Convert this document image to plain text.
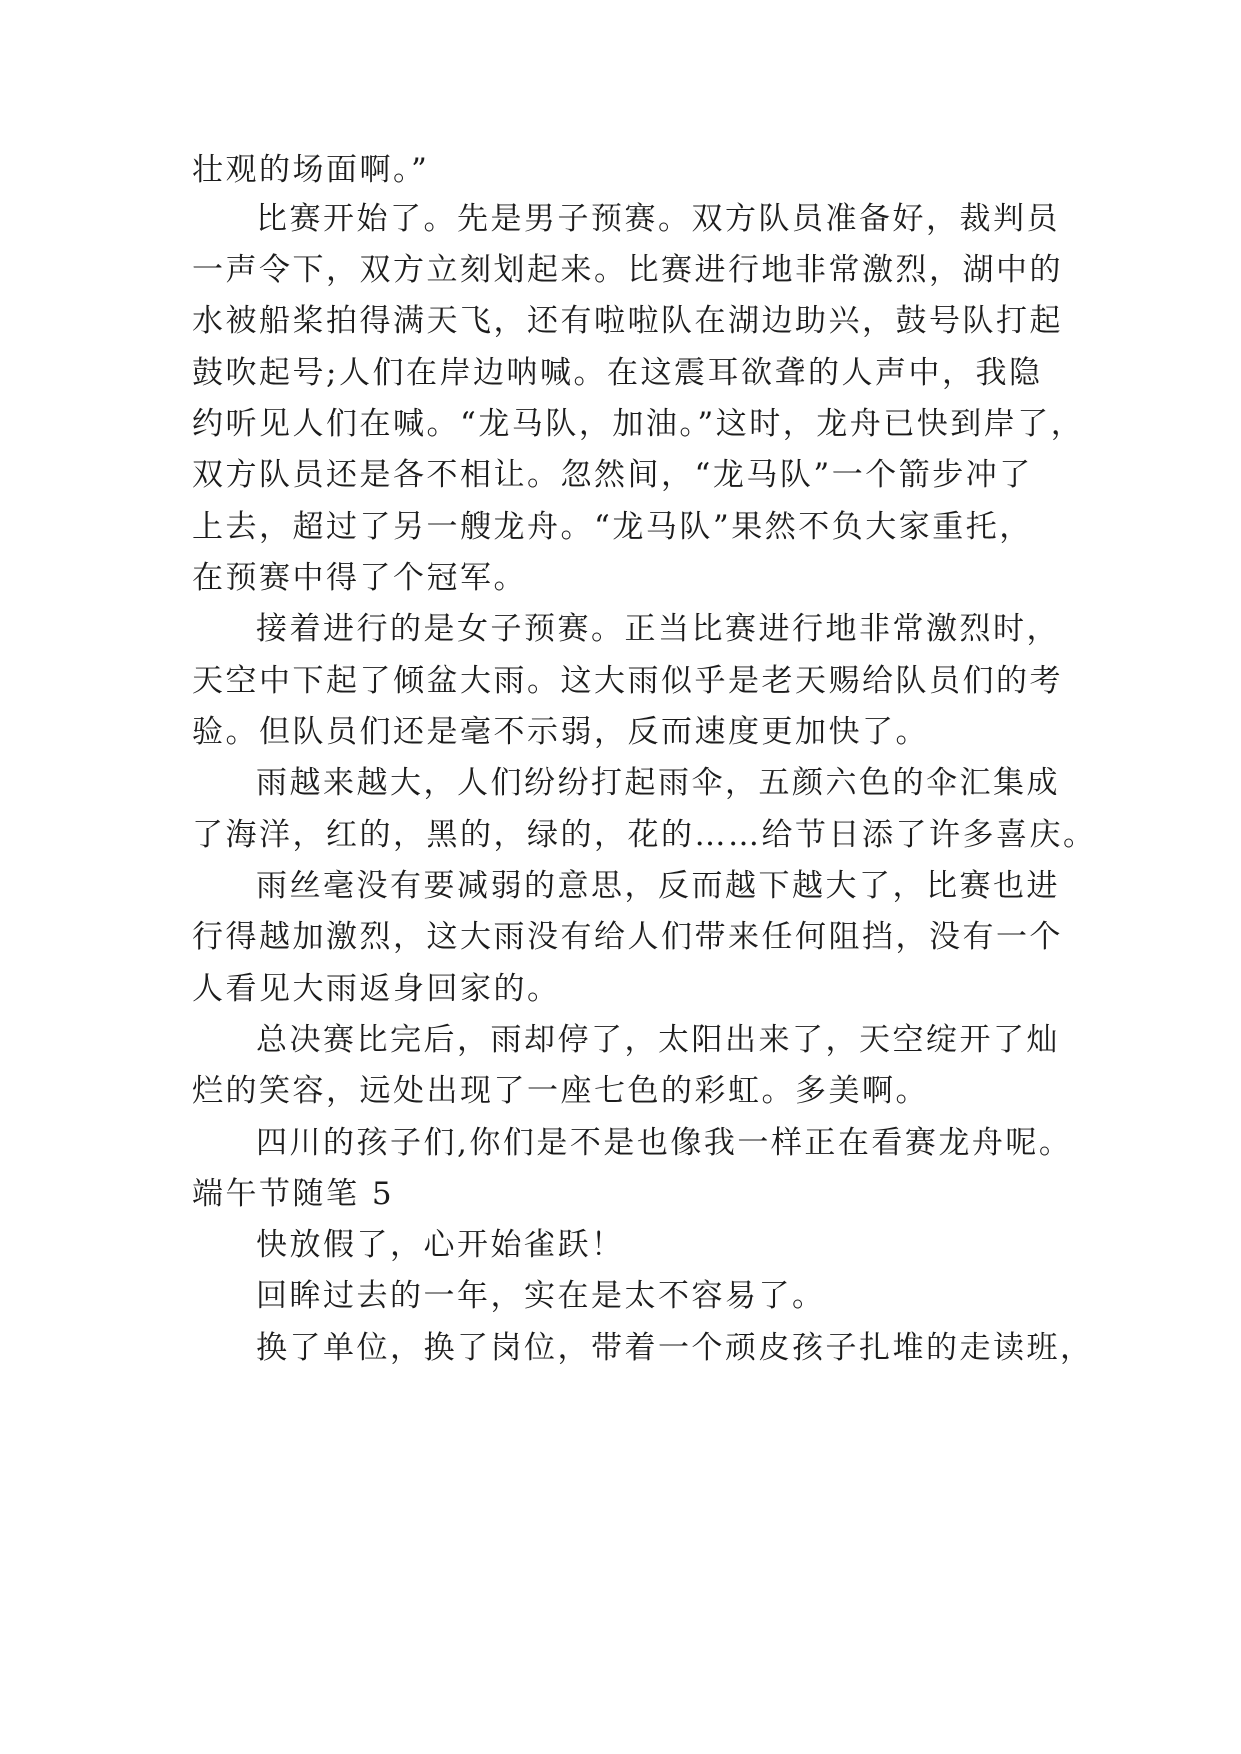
壮观的场面啊。”
比赛开始了。先是男子预赛。双方队员准备好，裁判员
一声令下，双方立刻划起来。比赛进行地非常激烈，湖中的
水被船桨拍得满天飞，还有啦啦队在湖边助兴，鼓号队打起
鼓吹起号;人们在岸边呐喊。在这震耳欲聋的人声中，我隐
约听见人们在喊。“龙马队，加油。”这时，龙舟已快到岸了，
双方队员还是各不相让。忽然间，“龙马队”一个箭步冲了
上去，超过了另一艘龙舟。“龙马队”果然不负大家重托，
在预赛中得了个冠军。
接着进行的是女子预赛。正当比赛进行地非常激烈时，
天空中下起了倾盆大雨。这大雨似乎是老天赐给队员们的考
验。但队员们还是毫不示弱，反而速度更加快了。
雨越来越大，人们纷纷打起雨伞，五颜六色的伞汇集成
了海洋，红的，黑的，绿的，花的……给节日添了许多喜庆。
雨丝毫没有要减弱的意思，反而越下越大了，比赛也进
行得越加激烈，这大雨没有给人们带来任何阻挡，没有一个
人看见大雨返身回家的。
总决赛比完后，雨却停了，太阳出来了，天空绽开了灿
烂的笑容，远处出现了一座七色的彩虹。多美啊。
四川的孩子们,你们是不是也像我一样正在看赛龙舟呢。
端午节随笔 5
快放假了，心开始雀跃！
回眸过去的一年，实在是太不容易了。
换了单位，换了岗位，带着一个顽皮孩子扎堆的走读班，
